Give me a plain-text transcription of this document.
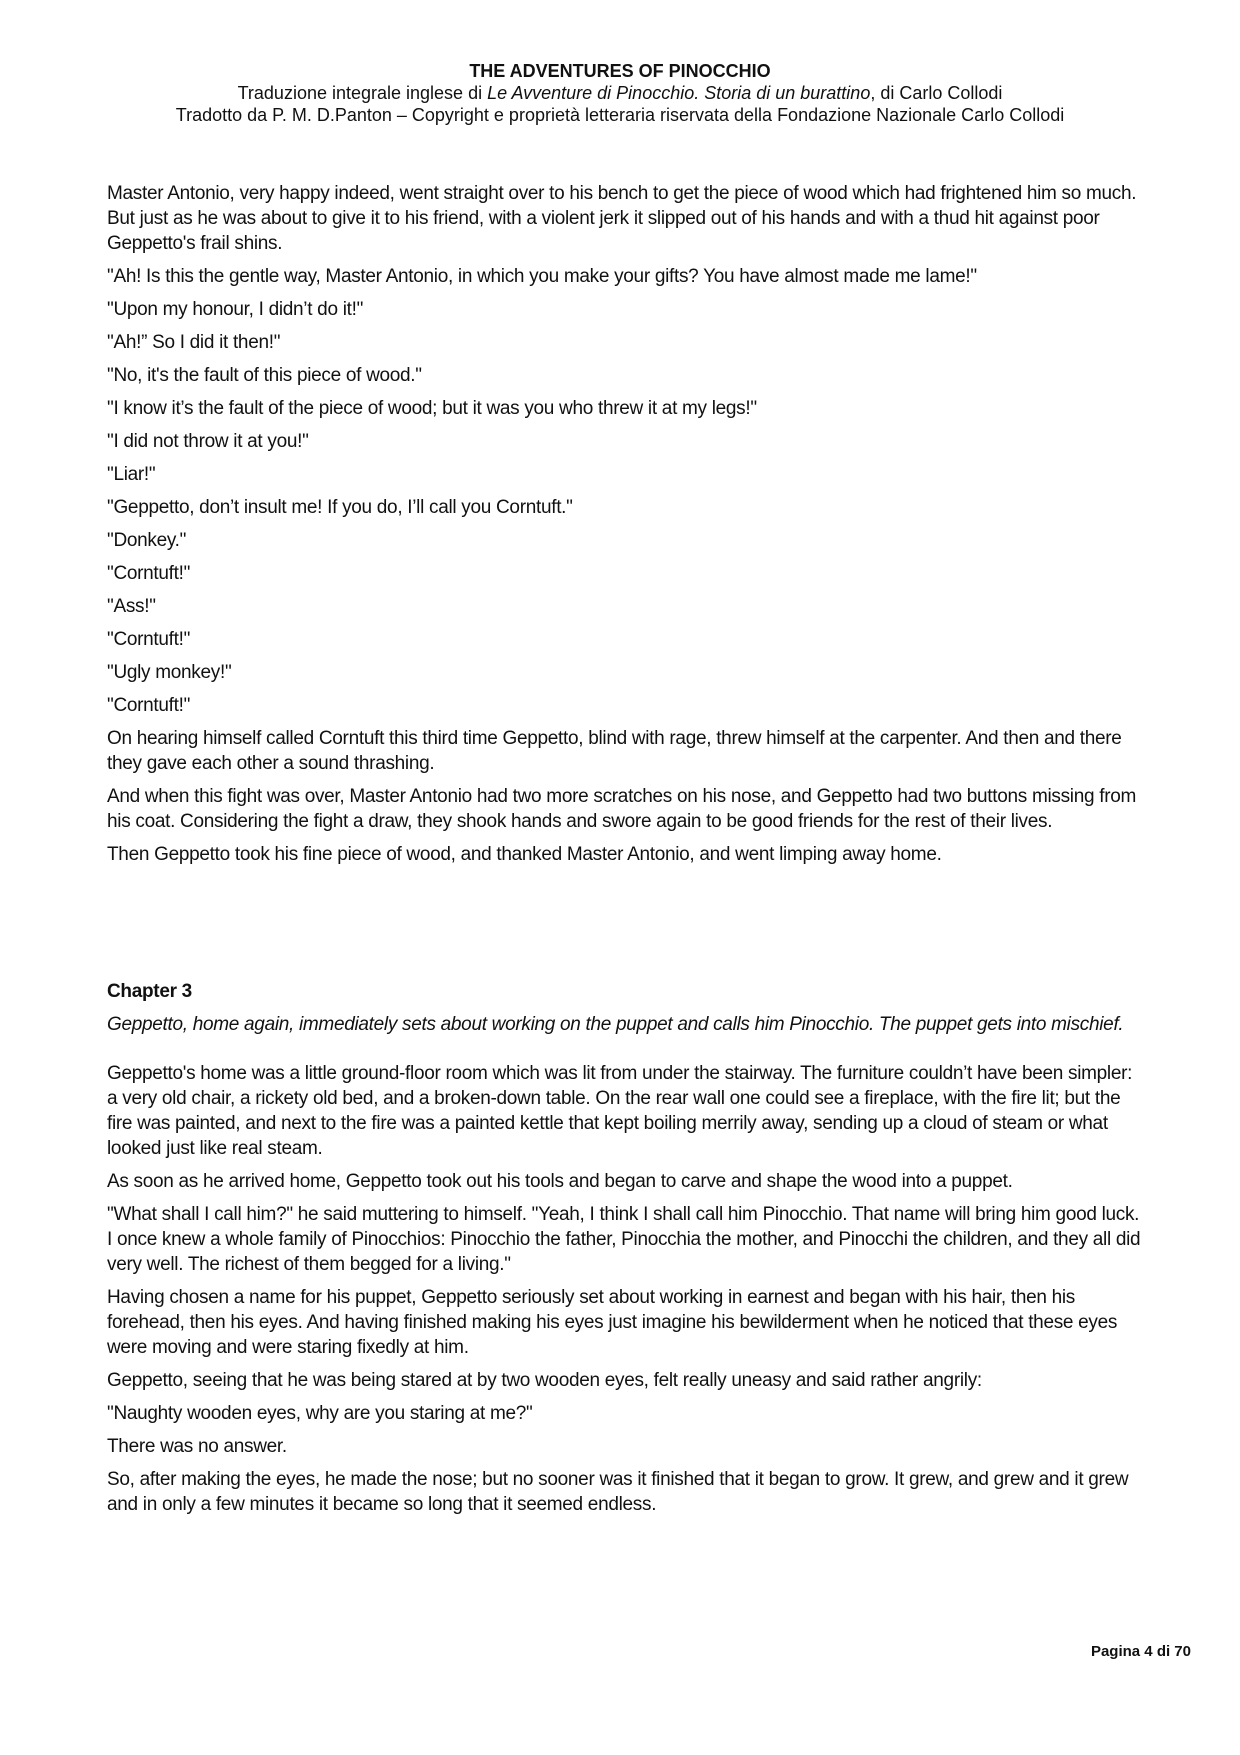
THE ADVENTURES OF PINOCCHIO
Traduzione integrale inglese di Le Avventure di Pinocchio. Storia di un burattino, di Carlo Collodi
Tradotto da P. M. D.Panton – Copyright e proprietà letteraria riservata della Fondazione Nazionale Carlo Collodi

Master Antonio, very happy indeed, went straight over to his bench to get the piece of wood which had frightened him so much. But just as he was about to give it to his friend, with a violent jerk it slipped out of his hands and with a thud hit against poor Geppetto's frail shins.

"Ah! Is this the gentle way, Master Antonio, in which you make your gifts? You have almost made me lame!"

"Upon my honour, I didn’t do it!"

"Ah!” So I did it then!"

"No, it's the fault of this piece of wood."

"I know it’s the fault of the piece of wood; but it was you who threw it at my legs!"

"I did not throw it at you!"

"Liar!"

"Geppetto, don’t insult me! If you do, I’ll call you Corntuft."

"Donkey."

"Corntuft!"

"Ass!"

"Corntuft!"

"Ugly monkey!"

"Corntuft!"

On hearing himself called Corntuft this third time Geppetto, blind with rage, threw himself at the carpenter. And then and there they gave each other a sound thrashing.

And when this fight was over, Master Antonio had two more scratches on his nose, and Geppetto had two buttons missing from his coat. Considering the fight a draw, they shook hands and swore again to be good friends for the rest of their lives.

Then Geppetto took his fine piece of wood, and thanked Master Antonio, and went limping away home.

Chapter 3

Geppetto, home again, immediately sets about working on the puppet and calls him Pinocchio. The puppet gets into mischief.

Geppetto's home was a little ground-floor room which was lit from under the stairway. The furniture couldn’t have been simpler: a very old chair, a rickety old bed, and a broken-down table. On the rear wall one could see a fireplace, with the fire lit; but the fire was painted, and next to the fire was a painted kettle that kept boiling merrily away, sending up a cloud of steam or what looked just like real steam.

As soon as he arrived home, Geppetto took out his tools and began to carve and shape the wood into a puppet.

"What shall I call him?" he said muttering to himself. "Yeah, I think I shall call him Pinocchio. That name will bring him good luck. I once knew a whole family of Pinocchios: Pinocchio the father, Pinocchia the mother, and Pinocchi the children, and they all did very well. The richest of them begged for a living."

Having chosen a name for his puppet, Geppetto seriously set about working in earnest and began with his hair, then his forehead, then his eyes. And having finished making his eyes just imagine his bewilderment when he noticed that these eyes were moving and were staring fixedly at him.

Geppetto, seeing that he was being stared at by two wooden eyes, felt really uneasy and said rather angrily:

"Naughty wooden eyes, why are you staring at me?"

There was no answer.

So, after making the eyes, he made the nose; but no sooner was it finished that it began to grow. It grew, and grew and it grew and in only a few minutes it became so long that it seemed endless.

Pagina 4 di 70
